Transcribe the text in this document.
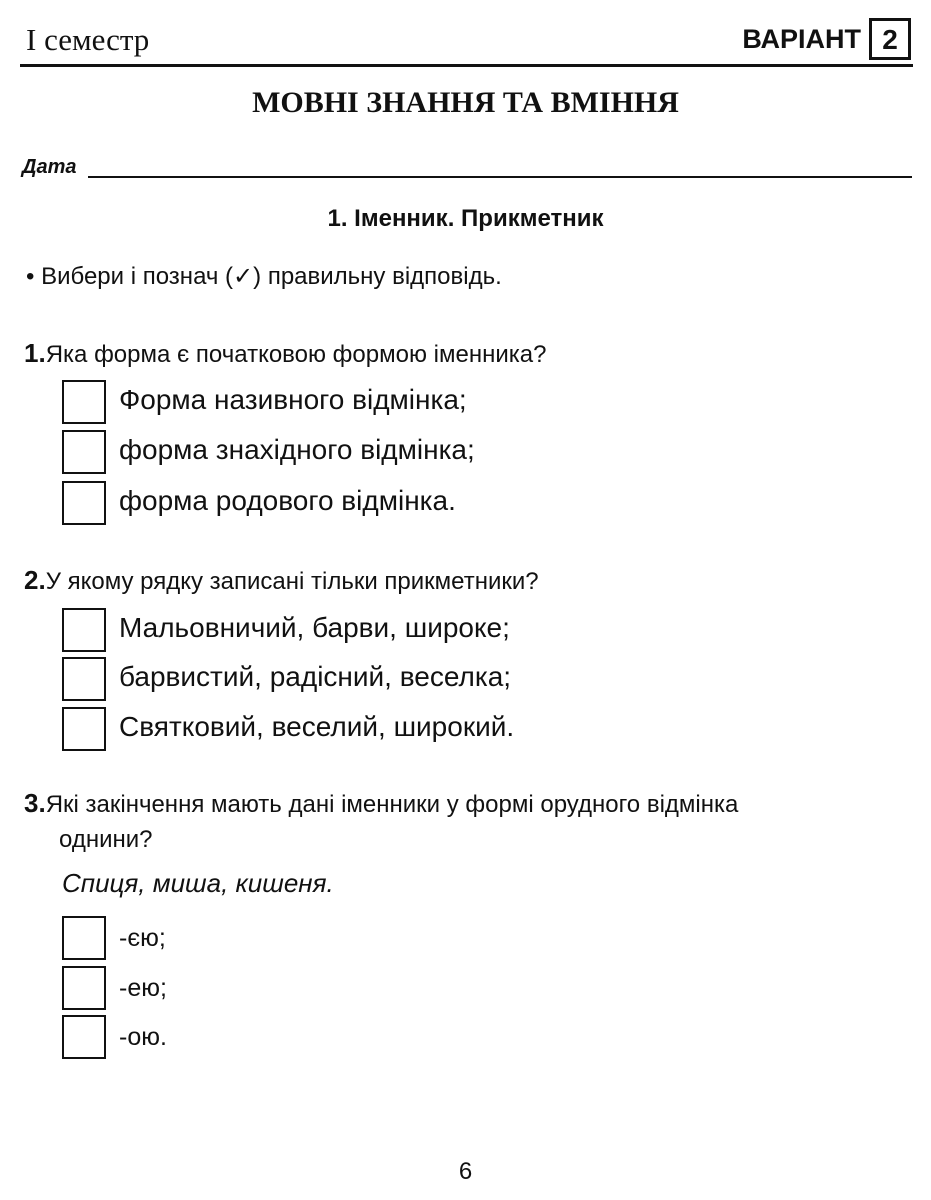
I семестр	ВАРІАНТ 2
МОВНІ ЗНАННЯ ТА ВМІННЯ
Дата
1. Іменник. Прикметник
• Вибери і познач (✓) правильну відповідь.
1.Яка форма є початковою формою іменника?
Форма називного відмінка;
форма знахідного відмінка;
форма родового відмінка.
2.У якому рядку записані тільки прикметники?
Мальовничий, барви, широке;
барвистий, радісний, веселка;
Святковий, веселий, широкий.
3.Які закінчення мають дані іменники у формі орудного відмінка
однини?
Спиця, миша, кишеня.
-єю;
-ею;
-ою.
6
